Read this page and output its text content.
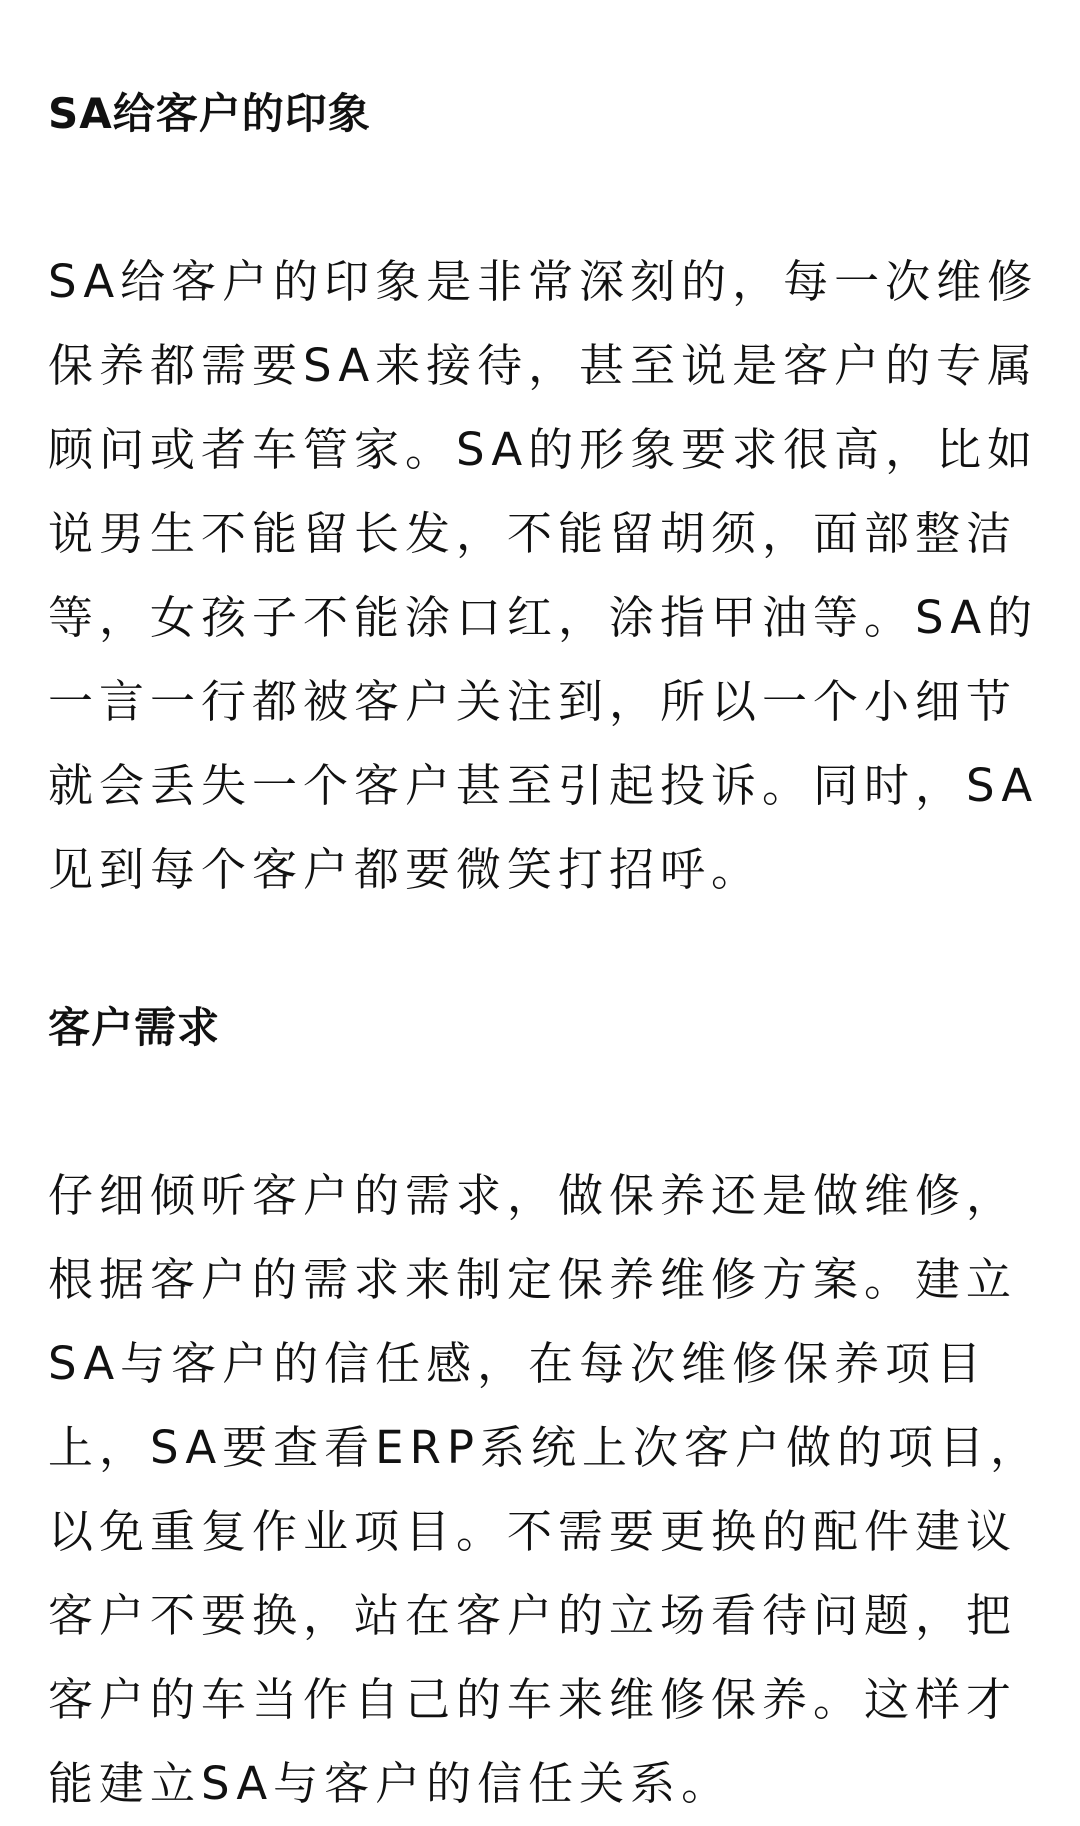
SA给客户的印象
SA给客户的印象是非常深刻的，每一次维修
保养都需要SA来接待，甚至说是客户的专属
顾问或者车管家。SA的形象要求很高，比如
说男生不能留长发，不能留胡须，面部整洁
等，女孩子不能涂口红，涂指甲油等。SA的
一言一行都被客户关注到，所以一个小细节
就会丢失一个客户甚至引起投诉。同时，SA
见到每个客户都要微笑打招呼。
客户需求
仔细倾听客户的需求，做保养还是做维修，
根据客户的需求来制定保养维修方案。建立
SA与客户的信任感，在每次维修保养项目
上，SA要查看ERP系统上次客户做的项目，
以免重复作业项目。不需要更换的配件建议
客户不要换，站在客户的立场看待问题，把
客户的车当作自己的车来维修保养。这样才
能建立SA与客户的信任关系。
